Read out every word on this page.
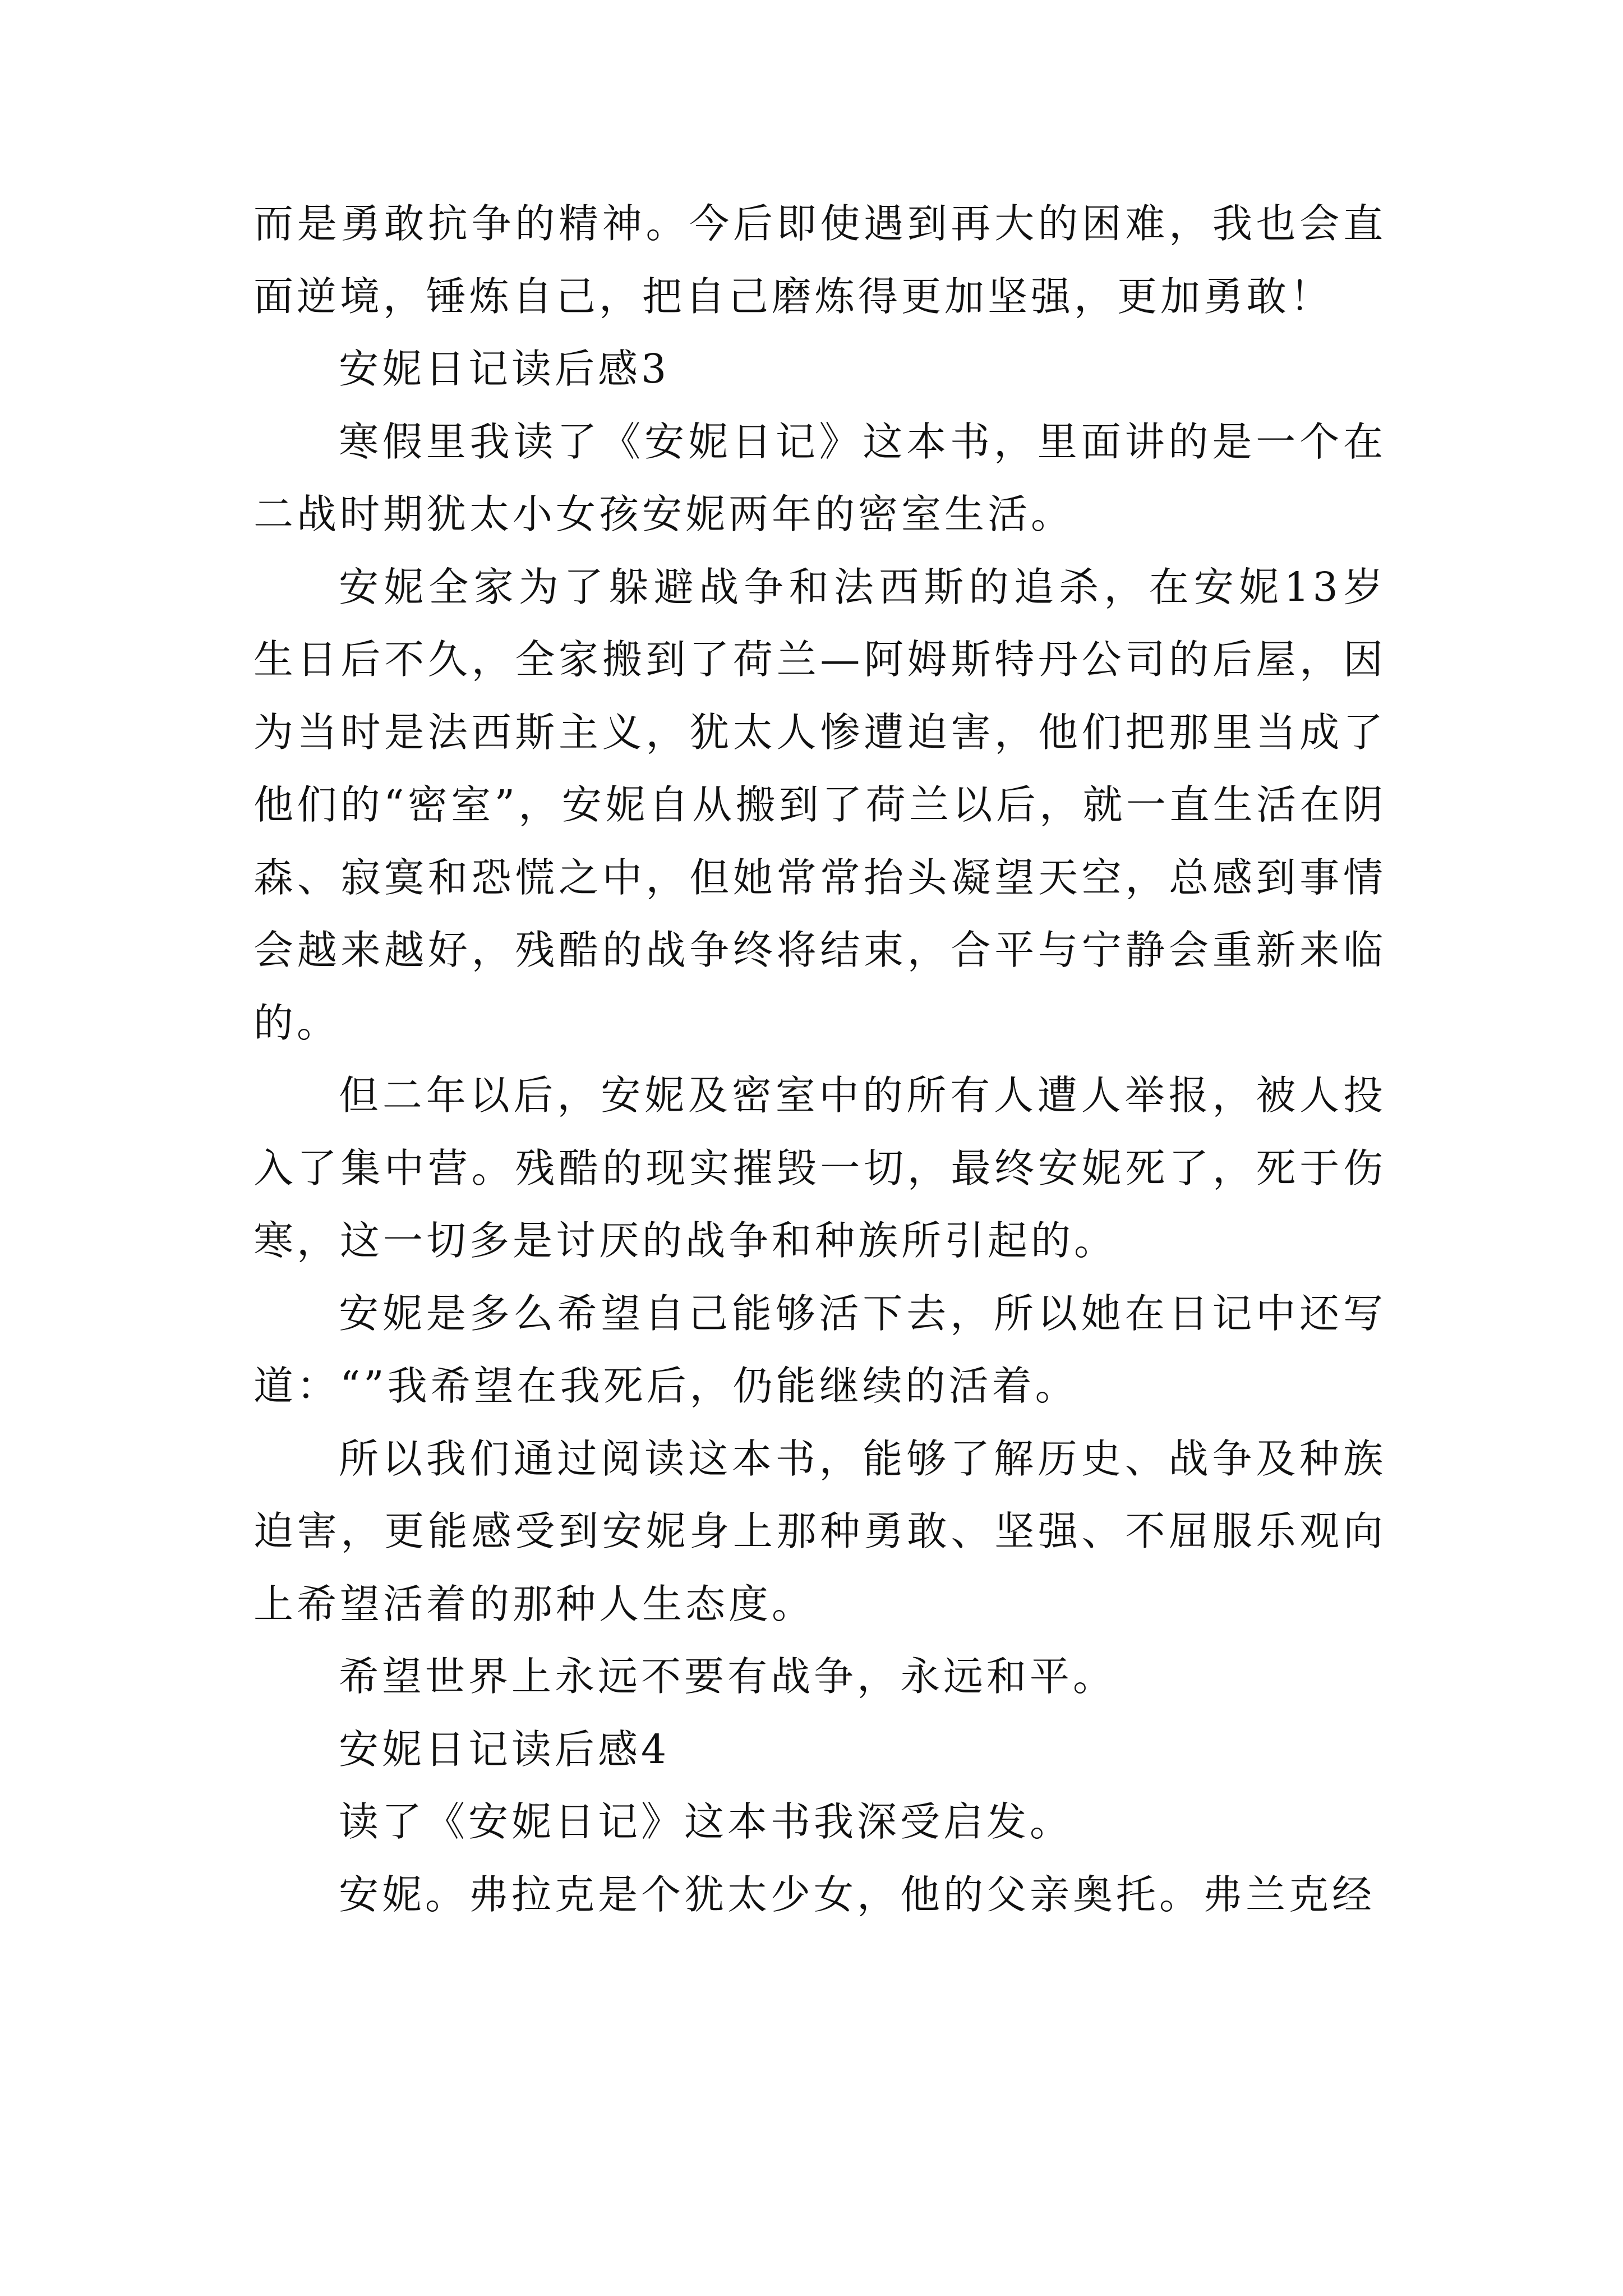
而是勇敢抗争的精神。今后即使遇到再大的困难，我也会直面逆境，锤炼自己，把自己磨炼得更加坚强，更加勇敢！

安妮日记读后感3

寒假里我读了《安妮日记》这本书，里面讲的是一个在二战时期犹太小女孩安妮两年的密室生活。

安妮全家为了躲避战争和法西斯的追杀，在安妮13岁生日后不久，全家搬到了荷兰—阿姆斯特丹公司的后屋，因为当时是法西斯主义，犹太人惨遭迫害，他们把那里当成了他们的“密室”，安妮自从搬到了荷兰以后，就一直生活在阴森、寂寞和恐慌之中，但她常常抬头凝望天空，总感到事情会越来越好，残酷的战争终将结束，合平与宁静会重新来临的。

但二年以后，安妮及密室中的所有人遭人举报，被人投入了集中营。残酷的现实摧毁一切，最终安妮死了，死于伤寒，这一切多是讨厌的战争和种族所引起的。

安妮是多么希望自己能够活下去，所以她在日记中还写道：“”我希望在我死后，仍能继续的活着。

所以我们通过阅读这本书，能够了解历史、战争及种族迫害，更能感受到安妮身上那种勇敢、坚强、不屈服乐观向上希望活着的那种人生态度。

希望世界上永远不要有战争，永远和平。

安妮日记读后感4

读了《安妮日记》这本书我深受启发。

安妮。弗拉克是个犹太少女，他的父亲奥托。弗兰克经
